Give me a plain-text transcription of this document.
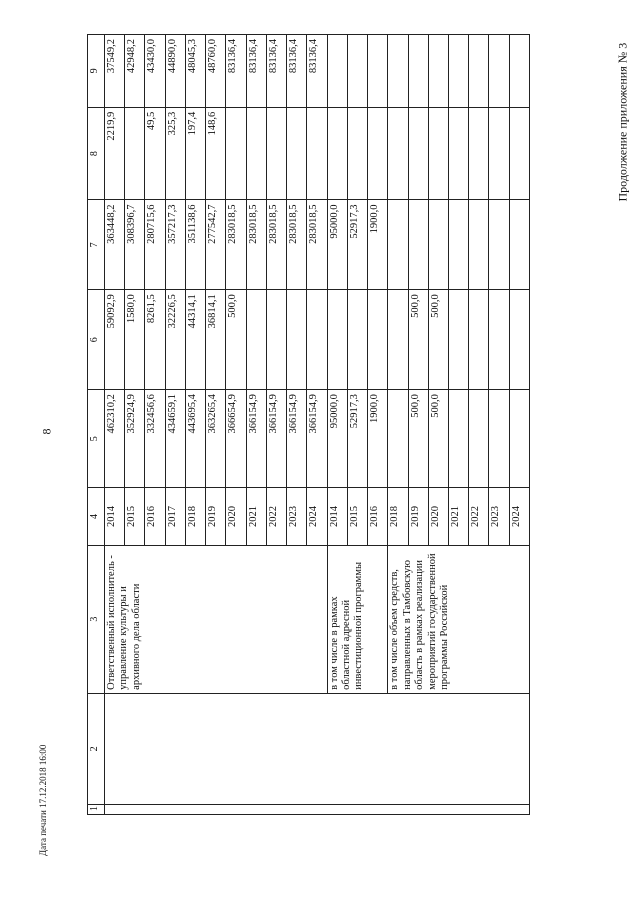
8
Продолжение приложения № 3
Дата печати 17.12.2018 16:00	1	2	3	4	5	6	7	8	9
		Ответственный исполнитель - управление культуры и архивного дела области	2014	462310,2	59092,9	363448,2	2219,9	37549,2
			2015	352924,9	1580,0	308396,7		42948,2
			2016	332456,6	8261,5	280715,6	49,5	43430,0
			2017	434659,1	32226,5	357217,3	325,3	44890,0
			2018	443695,4	44314,1	351138,6	197,4	48045,3
			2019	363265,4	36814,1	277542,7	148,6	48760,0
			2020	366654,9	500,0	283018,5		83136,4
			2021	366154,9		283018,5		83136,4
			2022	366154,9		283018,5		83136,4
			2023	366154,9		283018,5		83136,4
			2024	366154,9		283018,5		83136,4
		в том числе в рамках областной адресной инвестиционной программы	2014	95000,0		95000,0		
			2015	52917,3		52917,3		
			2016	1900,0		1900,0		
		в том числе объем средств, направленных в Тамбовскую область в рамках реализации мероприятий государственной программы Российской	2018					
			2019	500,0	500,0			
			2020	500,0	500,0			
			2021					
			2022					
			2023					
			2024					
